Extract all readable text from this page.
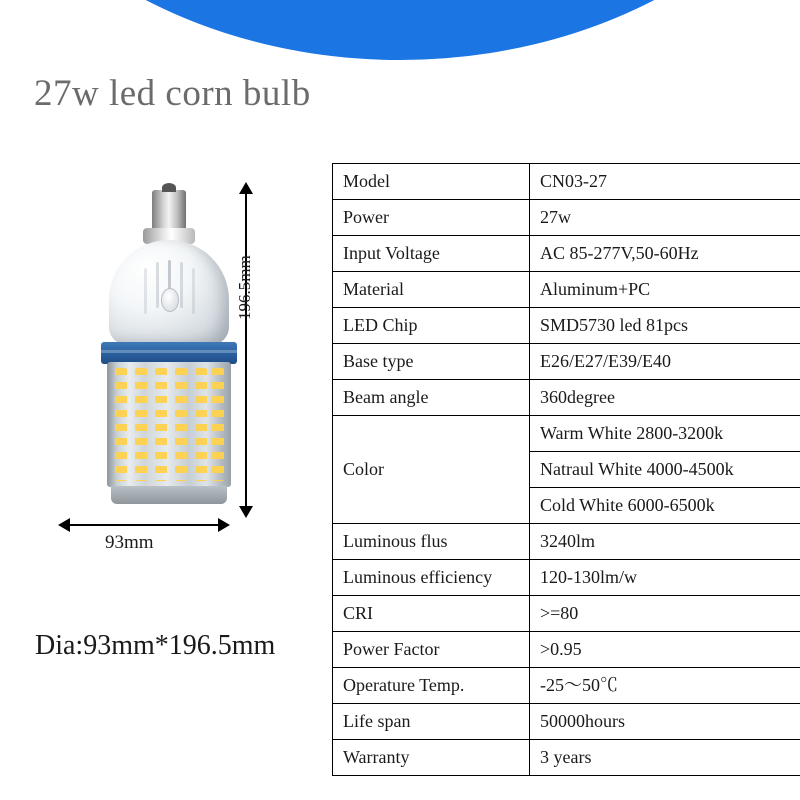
27w led corn bulb
196.5mm
93mm
Dia:93mm*196.5mm
Model	CN03-27
Power	27w
Input Voltage	AC 85-277V,50-60Hz
Material	Aluminum+PC
LED Chip	SMD5730 led 81pcs
Base type	E26/E27/E39/E40
Beam angle	360degree
Color	Warm White 2800-3200k
	Natraul White 4000-4500k
	Cold White 6000-6500k
Luminous flus	3240lm
Luminous efficiency	120-130lm/w
CRI	>=80
Power Factor	>0.95
Operature Temp.	-25～50℃
Life span	50000hours
Warranty	3 years
